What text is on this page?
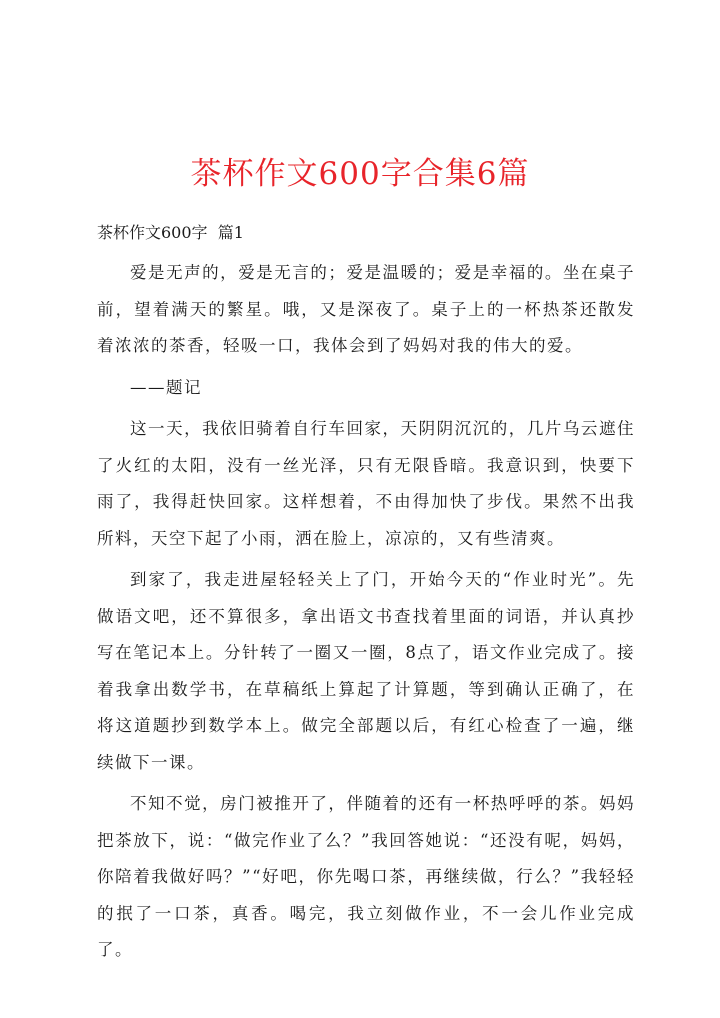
茶杯作文600字合集6篇
茶杯作文600字  篇1

爱是无声的，爱是无言的；爱是温暖的；爱是幸福的。坐在桌子前，望着满天的繁星。哦，又是深夜了。桌子上的一杯热茶还散发着浓浓的茶香，轻吸一口，我体会到了妈妈对我的伟大的爱。

——题记

这一天，我依旧骑着自行车回家，天阴阴沉沉的，几片乌云遮住了火红的太阳，没有一丝光泽，只有无限昏暗。我意识到，快要下雨了，我得赶快回家。这样想着，不由得加快了步伐。果然不出我所料，天空下起了小雨，洒在脸上，凉凉的，又有些清爽。

到家了，我走进屋轻轻关上了门，开始今天的“作业时光”。先做语文吧，还不算很多，拿出语文书查找着里面的词语，并认真抄写在笔记本上。分针转了一圈又一圈，8点了，语文作业完成了。接着我拿出数学书，在草稿纸上算起了计算题，等到确认正确了，在将这道题抄到数学本上。做完全部题以后，有红心检查了一遍，继续做下一课。

不知不觉，房门被推开了，伴随着的还有一杯热呼呼的茶。妈妈把茶放下，说：“做完作业了么？”我回答她说：“还没有呢，妈妈，你陪着我做好吗？”“好吧，你先喝口茶，再继续做，行么？”我轻轻的抿了一口茶，真香。喝完，我立刻做作业，不一会儿作业完成了。
